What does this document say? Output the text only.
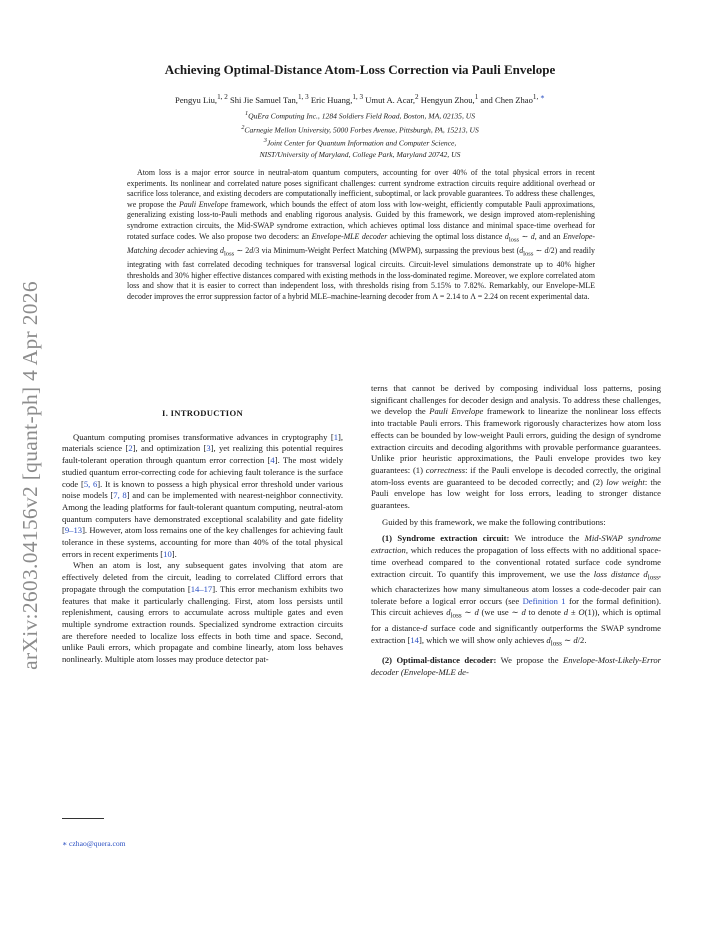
arXiv:2603.04156v2 [quant-ph] 4 Apr 2026
Achieving Optimal-Distance Atom-Loss Correction via Pauli Envelope
Pengyu Liu,$^{1, 2}$ Shi Jie Samuel Tan,$^{1, 3}$ Eric Huang,$^{1, 3}$ Umut A. Acar,$^2$ Hengyun Zhou,$^1$ and Chen Zhao$^{1, ∗}$
$^1$QuEra Computing Inc., 1284 Soldiers Field Road, Boston, MA, 02135, US
$^2$Carnegie Mellon University, 5000 Forbes Avenue, Pittsburgh, PA, 15213, US
$^3$Joint Center for Quantum Information and Computer Science,
NIST/University of Maryland, College Park, Maryland 20742, US
Atom loss is a major error source in neutral-atom quantum computers, accounting for over 40% of the total physical errors in recent experiments. Its nonlinear and correlated nature poses significant challenges: current syndrome extraction circuits require additional overhead or sacrifice loss tolerance, and existing decoders are computationally inefficient, suboptimal, or lack provable guarantees. To address these challenges, we propose the Pauli Envelope framework, which bounds the effect of atom loss with low-weight, efficiently computable Pauli approximations, generalizing existing loss-to-Pauli methods and enabling rigorous analysis. Guided by this framework, we design improved atom-replenishing syndrome extraction circuits, the Mid-SWAP syndrome extraction, which achieves optimal loss distance and minimal space-time overhead for rotated surface codes. We also propose two decoders: an Envelope-MLE decoder achieving the optimal loss distance $d_{loss}$ ∼ d, and an Envelope-Matching decoder achieving $d_{loss}$ ∼ 2d/3 via Minimum-Weight Perfect Matching (MWPM), surpassing the previous best ($d_{loss}$ ∼ d/2) and readily integrating with fast correlated decoding techniques for transversal logical circuits. Circuit-level simulations demonstrate up to 40% higher thresholds and 30% higher effective distances compared with existing methods in the loss-dominated regime. Moreover, we explore correlated atom loss and show that it is easier to correct than independent loss, with thresholds rising from 5.15% to 7.82%. Remarkably, our Envelope-MLE decoder improves the error suppression factor of a hybrid MLE–machine-learning decoder from Λ = 2.14 to Λ = 2.24 on recent experimental data.

I. INTRODUCTION

Quantum computing promises transformative advances in cryptography [1], materials science [2], and optimization [3], yet realizing this potential requires fault-tolerant operation through quantum error correction [4]. The most widely studied quantum error-correcting code for achieving fault tolerance is the surface code [5, 6]. It is known to possess a high physical error threshold under various noise models [7, 8] and can be implemented with nearest-neighbor connectivity. Among the leading platforms for fault-tolerant quantum computing, neutral-atom quantum computers have demonstrated exceptional scalability and gate fidelity [9–13]. However, atom loss remains one of the key challenges for achieving fault tolerance in these systems, accounting for more than 40% of the total physical errors in recent experiments [10].

When an atom is lost, any subsequent gates involving that atom are effectively deleted from the circuit, leading to correlated Clifford errors that propagate through the computation [14–17]. This error mechanism exhibits two features that make it particularly challenging. First, atom loss persists until replenishment, causing errors to accumulate across multiple gates and even multiple syndrome extraction rounds. Specialized syndrome extraction circuits are therefore needed to localize loss effects in both time and space. Second, unlike Pauli errors, which propagate and combine linearly, atom loss behaves nonlinearly. Multiple atom losses may produce detector pat-

terns that cannot be derived by composing individual loss patterns, posing significant challenges for decoder design and analysis. To address these challenges, we develop the Pauli Envelope framework to linearize the nonlinear loss effects into tractable Pauli errors. This framework rigorously characterizes how atom loss effects can be bounded by low-weight Pauli errors, guiding the design of syndrome extraction circuits and decoding algorithms with provable performance guarantees. Unlike prior heuristic approximations, the Pauli envelope provides two key guarantees: (1) correctness: if the Pauli envelope is decoded correctly, the original atom-loss events are guaranteed to be decoded correctly; and (2) low weight: the Pauli envelope has low weight for loss errors, leading to stronger distance guarantees.

Guided by this framework, we make the following contributions:

(1) Syndrome extraction circuit: We introduce the Mid-SWAP syndrome extraction, which reduces the propagation of loss effects with no additional space-time overhead compared to the conventional rotated surface code syndrome extraction circuit. To quantify this improvement, we use the loss distance $d_{loss}$, which characterizes how many simultaneous atom losses a code-decoder pair can tolerate before a logical error occurs (see Definition 1 for the formal definition). This circuit achieves $d_{loss}$ ∼ d (we use ∼ d to denote d ± O(1)), which is optimal for a distance-d surface code and significantly outperforms the SWAP syndrome extraction [14], which we will show only achieves $d_{loss}$ ∼ d/2.

(2) Optimal-distance decoder: We propose the Envelope-Most-Likely-Error decoder (Envelope-MLE de-

∗ czhao@quera.com
